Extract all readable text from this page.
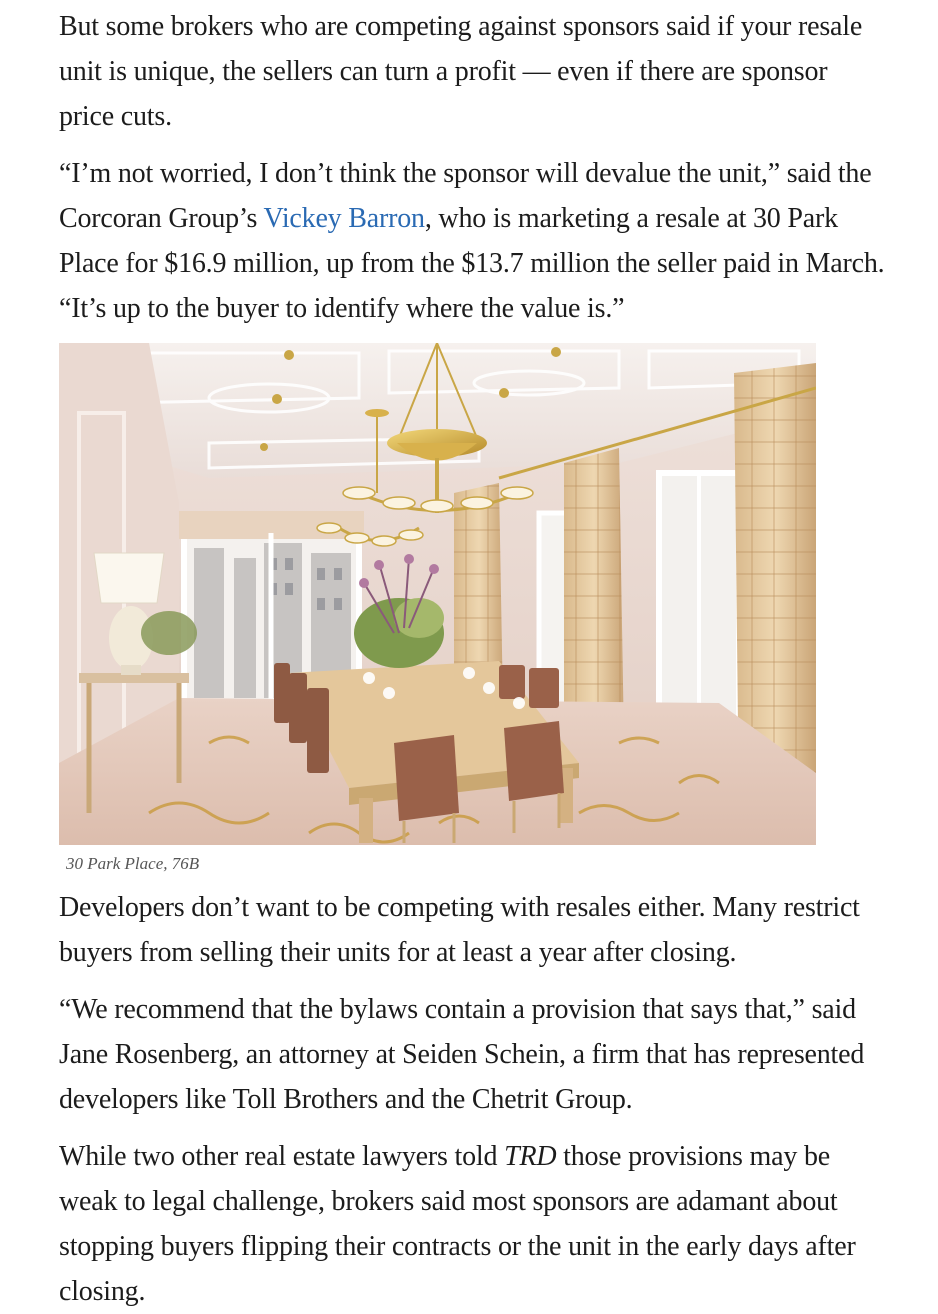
But some brokers who are competing against sponsors said if your resale unit is unique, the sellers can turn a profit — even if there are sponsor price cuts.

“I’m not worried, I don’t think the sponsor will devalue the unit,” said the Corcoran Group’s Vickey Barron, who is marketing a resale at 30 Park Place for $16.9 million, up from the $13.7 million the seller paid in March. “It’s up to the buyer to identify where the value is.”

30 Park Place, 76B

Developers don’t want to be competing with resales either. Many restrict buyers from selling their units for at least a year after closing.

“We recommend that the bylaws contain a provision that says that,” said Jane Rosenberg, an attorney at Seiden Schein, a firm that has represented developers like Toll Brothers and the Chetrit Group.

While two other real estate lawyers told TRD those provisions may be weak to legal challenge, brokers said most sponsors are adamant about stopping buyers flipping their contracts or the unit in the early days after closing.
